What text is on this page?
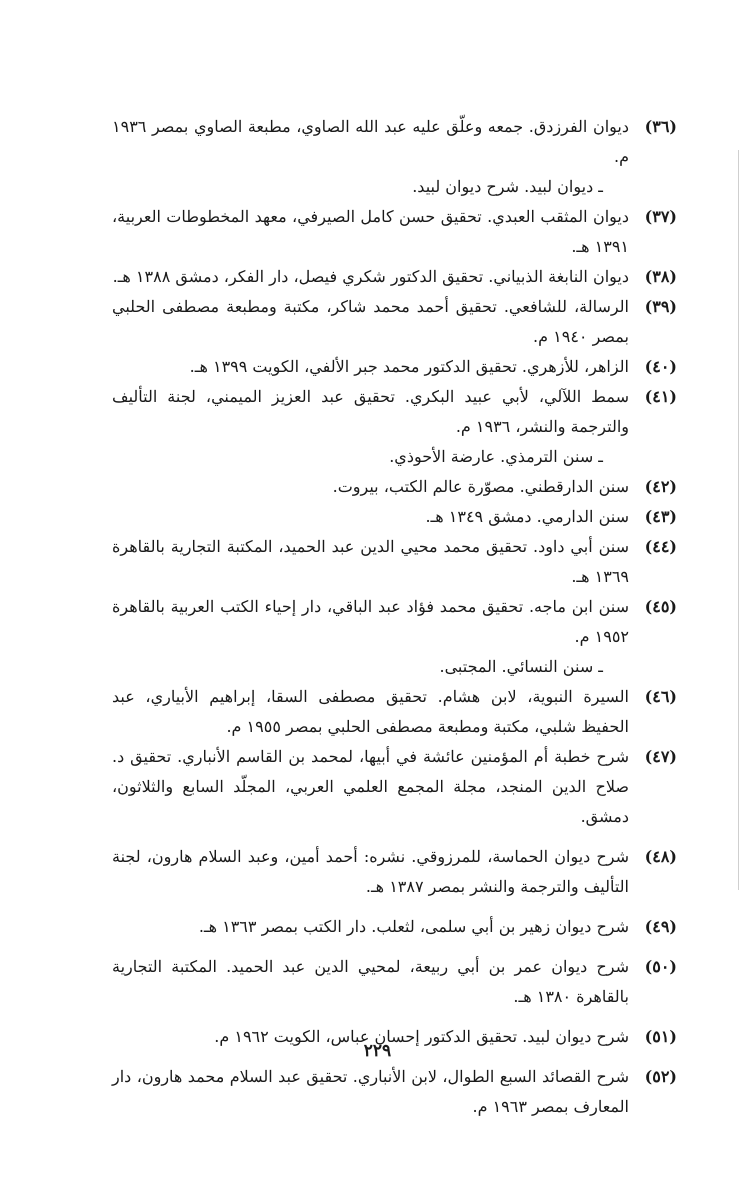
(٣٦)
ديوان الفرزدق. جمعه وعلّق عليه عبد الله الصاوي، مطبعة الصاوي بمصر ١٩٣٦ م.
ـ ديوان لبيد. شرح ديوان لبيد.
(٣٧)
ديوان المثقب العبدي. تحقيق حسن كامل الصيرفي، معهد المخطوطات العربية، ١٣٩١ هـ.
(٣٨)
ديوان النابغة الذبياني. تحقيق الدكتور شكري فيصل، دار الفكر، دمشق ١٣٨٨ هـ.
(٣٩)
الرسالة، للشافعي. تحقيق أحمد محمد شاكر، مكتبة ومطبعة مصطفى الحلبي بمصر ١٩٤٠ م.
(٤٠)
الزاهر، للأزهري. تحقيق الدكتور محمد جبر الألفي، الكويت ١٣٩٩ هـ.
(٤١)
سمط اللآلي، لأبي عبيد البكري. تحقيق عبد العزيز الميمني، لجنة التأليف والترجمة والنشر، ١٩٣٦ م.
ـ سنن الترمذي. عارضة الأحوذي.
(٤٢)
سنن الدارقطني. مصوّرة عالم الكتب، بيروت.
(٤٣)
سنن الدارمي. دمشق ١٣٤٩ هـ.
(٤٤)
سنن أبي داود. تحقيق محمد محيي الدين عبد الحميد، المكتبة التجارية بالقاهرة ١٣٦٩ هـ.
(٤٥)
سنن ابن ماجه. تحقيق محمد فؤاد عبد الباقي، دار إحياء الكتب العربية بالقاهرة ١٩٥٢ م.
ـ سنن النسائي. المجتبى.
(٤٦)
السيرة النبوية، لابن هشام. تحقيق مصطفى السقا، إبراهيم الأبياري، عبد الحفيظ شلبي، مكتبة ومطبعة مصطفى الحلبي بمصر ١٩٥٥ م.
(٤٧)
شرح خطبة أم المؤمنين عائشة في أبيها، لمحمد بن القاسم الأنباري. تحقيق د. صلاح الدين المنجد، مجلة المجمع العلمي العربي، المجلّد السابع والثلاثون، دمشق.
(٤٨)
شرح ديوان الحماسة، للمرزوقي. نشره: أحمد أمين، وعبد السلام هارون، لجنة التأليف والترجمة والنشر بمصر ١٣٨٧ هـ.
(٤٩)
شرح ديوان زهير بن أبي سلمى، لثعلب. دار الكتب بمصر ١٣٦٣ هـ.
(٥٠)
شرح ديوان عمر بن أبي ربيعة، لمحيي الدين عبد الحميد. المكتبة التجارية بالقاهرة ١٣٨٠ هـ.
(٥١)
شرح ديوان لبيد. تحقيق الدكتور إحسان عباس، الكويت ١٩٦٢ م.
(٥٢)
شرح القصائد السبع الطوال، لابن الأنباري. تحقيق عبد السلام محمد هارون، دار المعارف بمصر ١٩٦٣ م.
٢٢٩
